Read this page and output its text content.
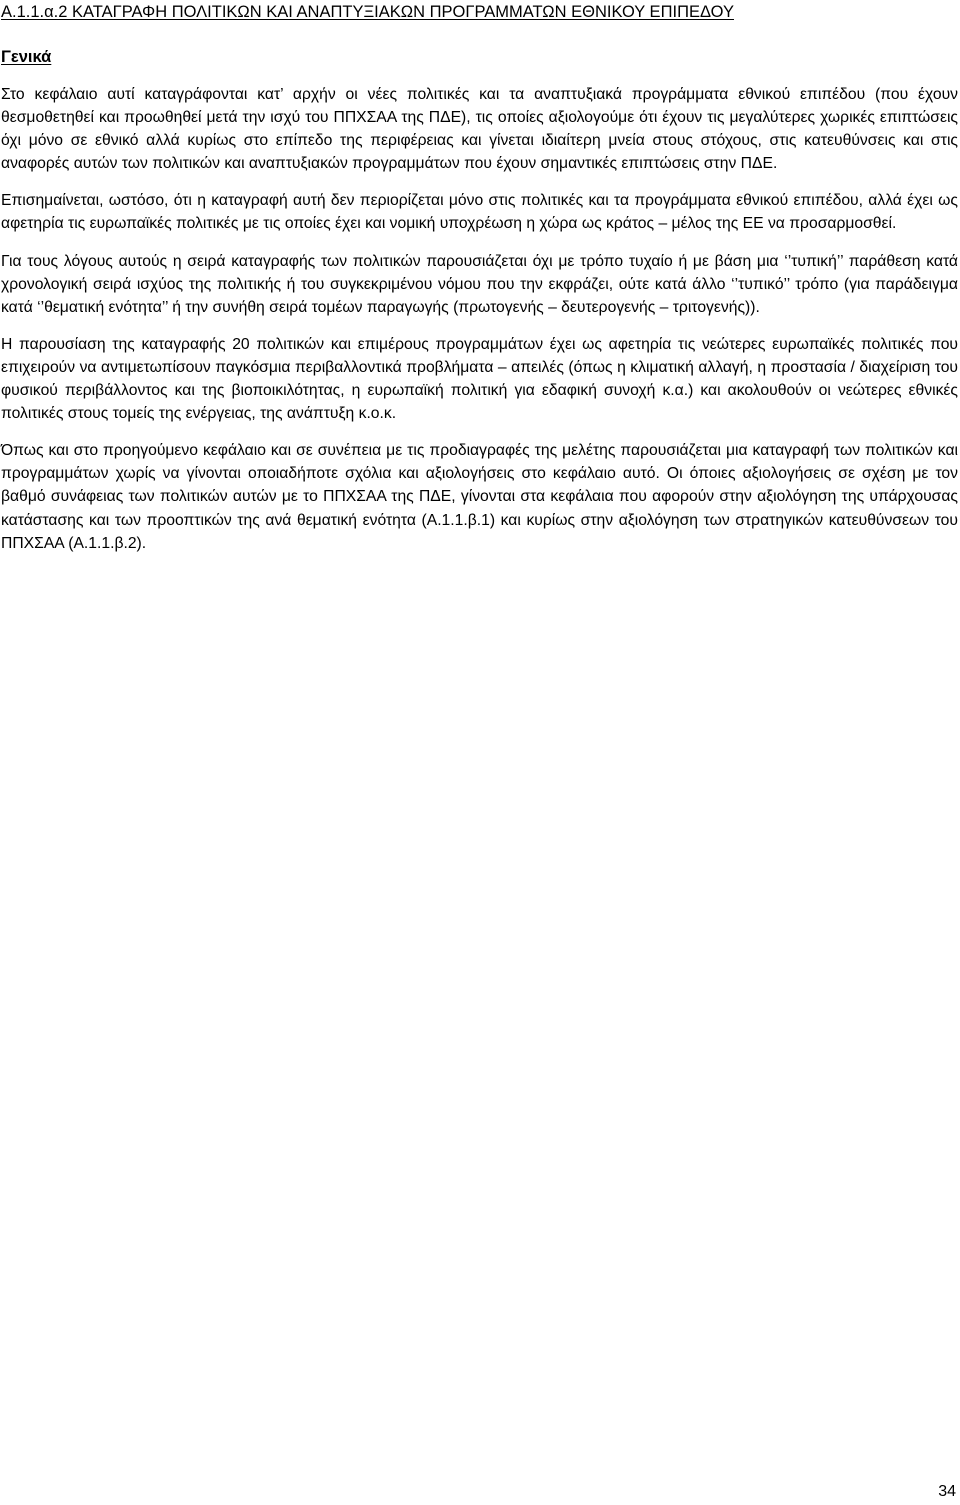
Α.1.1.α.2 ΚΑΤΑΓΡΑΦΗ ΠΟΛΙΤΙΚΩΝ ΚΑΙ ΑΝΑΠΤΥΞΙΑΚΩΝ ΠΡΟΓΡΑΜΜΑΤΩΝ ΕΘΝΙΚΟΥ ΕΠΙΠΕΔΟΥ
Γενικά

Στο κεφάλαιο αυτί καταγράφονται κατ’ αρχήν οι νέες πολιτικές και τα αναπτυξιακά προγράμματα εθνικού επιπέδου (που έχουν θεσμοθετηθεί και προωθηθεί μετά την ισχύ του ΠΠΧΣΑΑ της ΠΔΕ), τις οποίες αξιολογούμε ότι έχουν τις μεγαλύτερες χωρικές επιπτώσεις όχι μόνο σε εθνικό αλλά κυρίως στο επίπεδο της περιφέρειας και γίνεται ιδιαίτερη μνεία στους στόχους, στις κατευθύνσεις και στις αναφορές αυτών των πολιτικών και αναπτυξιακών προγραμμάτων που έχουν σημαντικές επιπτώσεις στην ΠΔΕ.

Επισημαίνεται, ωστόσο, ότι η καταγραφή αυτή δεν περιορίζεται μόνο στις πολιτικές και τα προγράμματα εθνικού επιπέδου, αλλά έχει ως αφετηρία τις ευρωπαϊκές πολιτικές με τις οποίες έχει και νομική υποχρέωση η χώρα ως κράτος – μέλος της ΕΕ να προσαρμοσθεί.

Για τους λόγους αυτούς η σειρά καταγραφής των πολιτικών παρουσιάζεται όχι με τρόπο τυχαίο ή με βάση μια ‘’τυπική’’ παράθεση κατά χρονολογική σειρά ισχύος της πολιτικής ή του συγκεκριμένου νόμου που την εκφράζει, ούτε κατά άλλο ‘’τυπικό’’ τρόπο (για παράδειγμα κατά ‘’θεματική ενότητα’’ ή την συνήθη σειρά τομέων παραγωγής (πρωτογενής – δευτερογενής – τριτογενής)).

Η παρουσίαση της καταγραφής 20 πολιτικών και επιμέρους προγραμμάτων έχει ως αφετηρία τις νεώτερες ευρωπαϊκές πολιτικές που επιχειρούν να αντιμετωπίσουν παγκόσμια περιβαλλοντικά προβλήματα – απειλές (όπως η κλιματική αλλαγή, η προστασία / διαχείριση του φυσικού περιβάλλοντος και της βιοποικιλότητας, η ευρωπαϊκή πολιτική για εδαφική συνοχή κ.α.) και ακολουθούν οι νεώτερες εθνικές πολιτικές στους τομείς της ενέργειας, της ανάπτυξη κ.ο.κ.

Όπως και στο προηγούμενο κεφάλαιο και σε συνέπεια με τις προδιαγραφές της μελέτης παρουσιάζεται μια καταγραφή των πολιτικών και προγραμμάτων χωρίς να γίνονται οποιαδήποτε σχόλια και αξιολογήσεις στο κεφάλαιο αυτό. Οι όποιες αξιολογήσεις σε σχέση με τον βαθμό συνάφειας των πολιτικών αυτών με το ΠΠΧΣΑΑ της ΠΔΕ, γίνονται στα κεφάλαια που αφορούν στην αξιολόγηση της υπάρχουσας κατάστασης και των προοπτικών της ανά θεματική ενότητα (Α.1.1.β.1) και κυρίως στην αξιολόγηση των στρατηγικών κατευθύνσεων του ΠΠΧΣΑΑ (Α.1.1.β.2).

34
